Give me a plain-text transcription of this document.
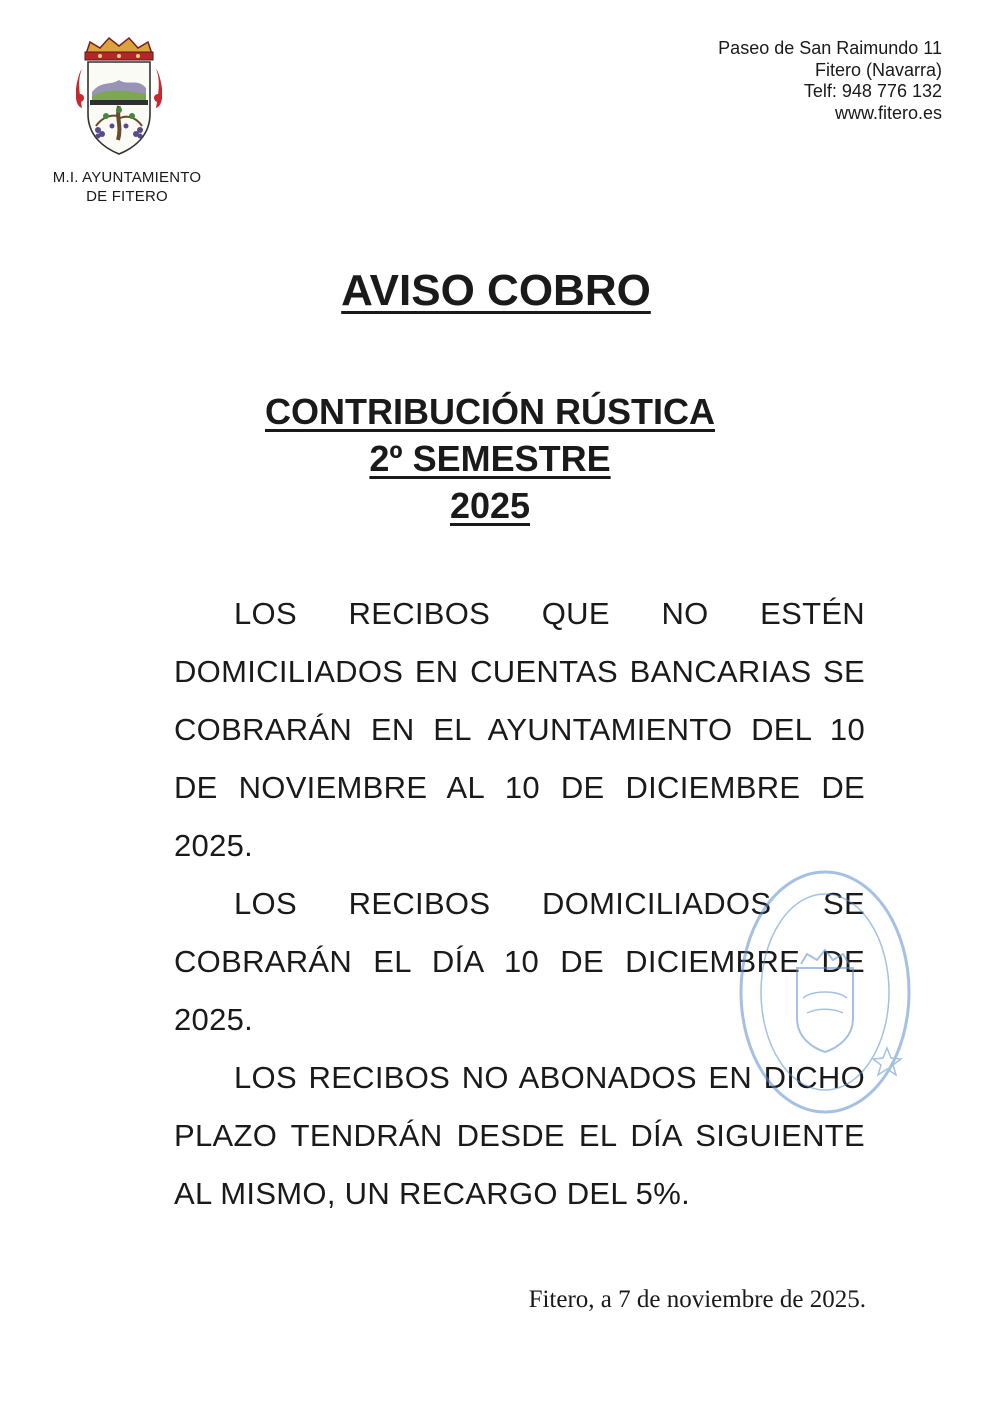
M.I. AYUNTAMIENTO
DE FITERO
Paseo de San Raimundo 11
Fitero (Navarra)
Telf: 948 776 132
www.fitero.es
AVISO COBRO
CONTRIBUCIÓN RÚSTICA
2º SEMESTRE
2025

LOS RECIBOS QUE NO ESTÉN DOMICILIADOS EN CUENTAS BANCARIAS SE COBRARÁN EN EL AYUNTAMIENTO DEL 10 DE NOVIEMBRE AL 10 DE DICIEMBRE DE 2025.

LOS RECIBOS DOMICILIADOS SE COBRARÁN EL DÍA 10 DE DICIEMBRE DE 2025.

LOS RECIBOS NO ABONADOS EN DICHO PLAZO TENDRÁN DESDE EL DÍA SIGUIENTE AL MISMO, UN RECARGO DEL 5%.

Fitero, a 7 de noviembre de 2025.
